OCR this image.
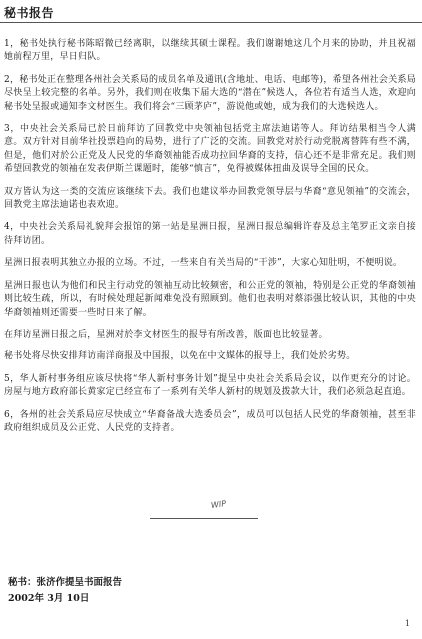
秘书报告

1，秘书处执行秘书陈昭微已经离职，以继续其硕士课程。我们谢谢她这几个月来的协助，并且祝福她前程万里，早日归队。

2，秘书处正在整理各州社会关系局的成员名单及通讯(含地址、电话、电邮等)，希望各州社会关系局尽快呈上较完整的名单。另外，我们则在收集下届大选的“潜在”候选人，各位若有适当人选，欢迎向秘书处呈报或通知李文材医生。我们将会“三顾茅庐”，游说他或她，成为我们的大选候选人。

3，中央社会关系局已於日前拜访了回教党中央领袖包括党主席法迪诺等人。拜访结果相当令人满意。双方针对目前华社投票趋向的局势，进行了广泛的交流。回教党对於行动党脱离替阵有些不满，但是，他们对於公正党及人民党的华裔领袖能否成功拉回华裔的支持，信心还不是非常充足。我们则希望回教党的领袖在发表伊斯兰课题时，能够“慎言”，免得被媒体扭曲及误导全国的民众。

双方皆认为这一类的交流应该继续下去。我们也建议举办回教党领导层与华裔“意见领袖”的交流会，回教党主席法迪诺也表欢迎。

4，中央社会关系局礼貌拜会报馆的第一站是星洲日报，星洲日报总编辑许春及总主笔罗正文亲自接待拜访团。

星洲日报表明其独立办报的立场。不过，一些来自有关当局的“干涉”，大家心知肚明，不便明说。

星洲日报也认为他们和民主行动党的领袖互动比较频密，和公正党的领袖，特别是公正党的华裔领袖则比较生疏，所以，有时候处理起新闻难免没有照顾到。他们也表明对蔡添强比较认识，其他的中央华裔领袖则还需要一些时日来了解。

在拜访星洲日报之后，星洲对於李文材医生的报导有所改善，版面也比较显著。

秘书处将尽快安排拜访南洋商报及中国报，以免在中文媒体的报导上，我们处於劣势。

5，华人新村事务组应该尽快将“华人新村事务计划”提呈中央社会关系局会议，以作更充分的讨论。房屋与地方政府部长黄家定已经宣布了一系列有关华人新村的规划及拨款大计，我们必须急起直追。

6，各州的社会关系局应尽快成立“华裔备战大选委员会”，成员可以包括人民党的华裔领袖，甚至非政府组织成员及公正党、人民党的支持者。

WIP
秘书：张济作提呈书面报告
2002年 3月 10日
1
